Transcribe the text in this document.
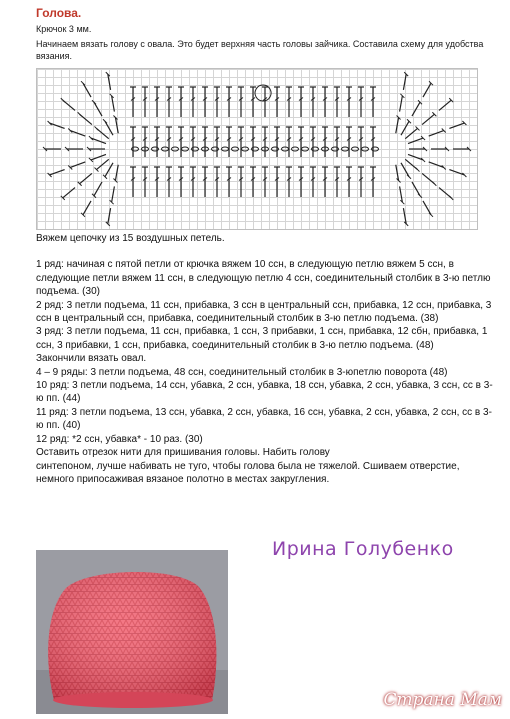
Голова.
Крючок 3 мм.
Начинаем вязать голову с овала. Это будет верхняя часть головы зайчика. Составила схему для удобства вязания.

Вяжем цепочку из 15 воздушных петель.

1 ряд: начиная с пятой петли от крючка вяжем 10 ссн, в следующую петлю вяжем 5 ссн, в следующие петли вяжем 11 ссн, в следующую петлю 4 ссн, соединительный столбик в 3-ю петлю подъема. (30)

2 ряд: 3 петли подъема, 11 ссн, прибавка, 3 ссн в центральный ссн, прибавка, 12 ссн, прибавка, 3 ссн в центральный ссн, прибавка, соединительный столбик в 3-ю петлю подъема. (38)

3 ряд: 3 петли подъема, 11 ссн, прибавка, 1 ссн, 3 прибавки, 1 ссн, прибавка, 12 сбн, прибавка, 1 ссн, 3 прибавки, 1 ссн, прибавка, соединительный столбик в 3-ю петлю подъема. (48)

Закончили вязать овал.

4 – 9 ряды: 3 петли подъема, 48 ссн, соединительный столбик в 3-юпетлю поворота (48)

10 ряд: 3 петли подъема, 14 ссн, убавка, 2 ссн, убавка, 18 ссн, убавка, 2 ссн, убавка, 3 ссн, сс в 3-ю пп. (44)

11 ряд: 3 петли подъема, 13 ссн, убавка, 2 ссн, убавка, 16 ссн, убавка, 2 ссн, убавка, 2 ссн, сс в 3-ю пп. (40)

12 ряд: *2 ссн, убавка* - 10 раз. (30)

Оставить отрезок нити для пришивания головы. Набить голову

синтепоном, лучше набивать не туго, чтобы голова была не тяжелой. Сшиваем отверстие, немного припосаживая вязаное полотно в местах закругления.

Ирина Голубенко
Страна Мам
